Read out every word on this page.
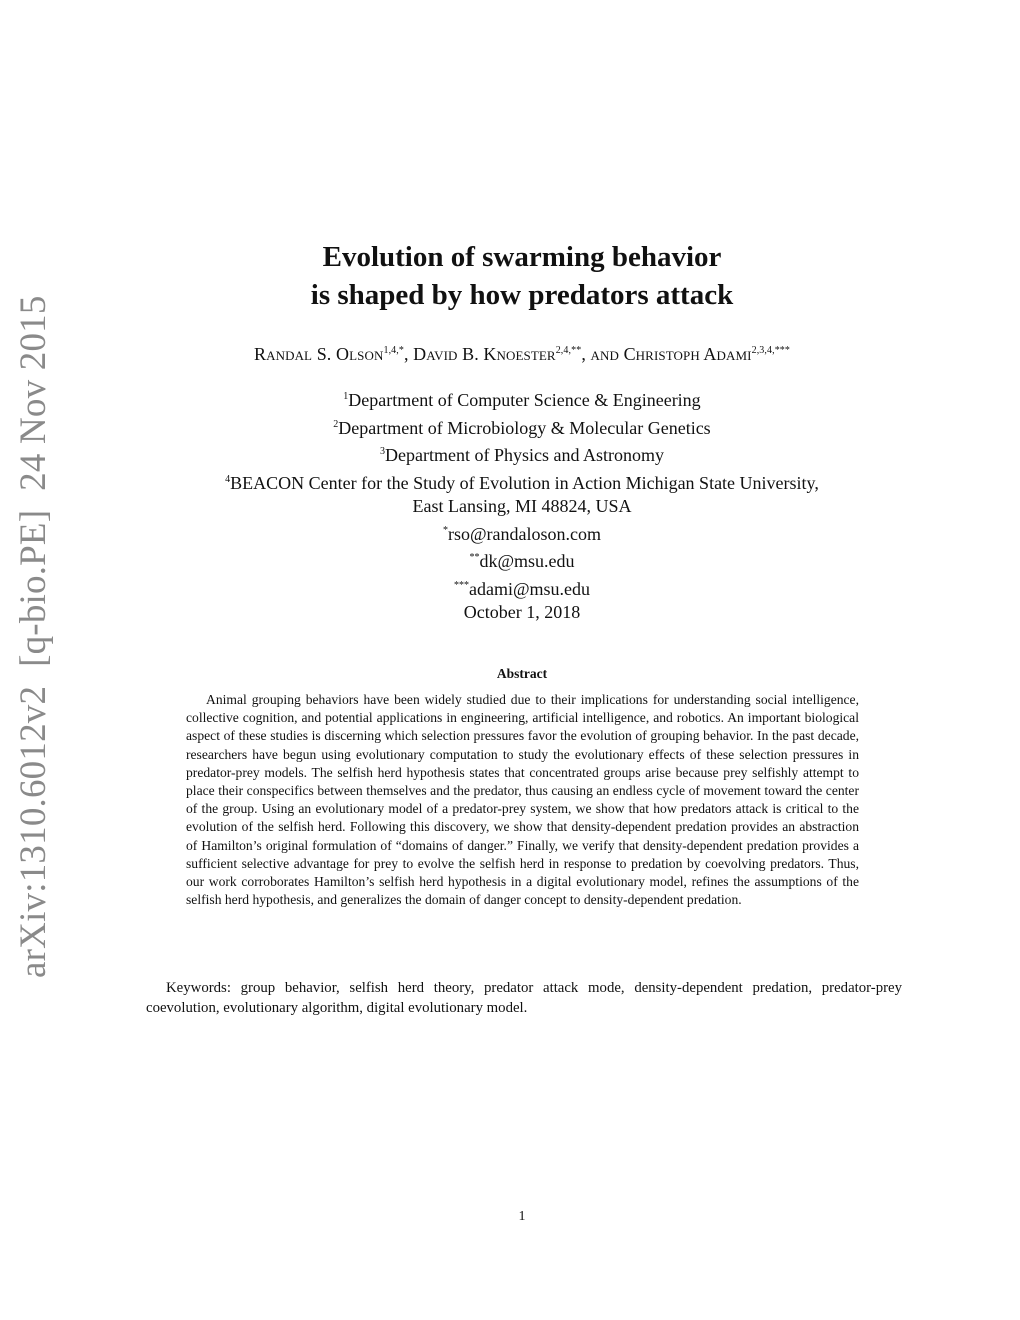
arXiv:1310.6012v2  [q-bio.PE]  24 Nov 2015
Evolution of swarming behavior
is shaped by how predators attack
Randal S. Olson$^{1,4,*}$, David B. Knoester$^{2,4,**}$, and Christoph Adami$^{2,3,4,***}$
$^1$Department of Computer Science & Engineering
$^2$Department of Microbiology & Molecular Genetics
$^3$Department of Physics and Astronomy
$^4$BEACON Center for the Study of Evolution in Action Michigan State University,
East Lansing, MI 48824, USA
*rso@randaloson.com
**dk@msu.edu
***adami@msu.edu
October 1, 2018
Abstract
Animal grouping behaviors have been widely studied due to their implications for understanding social intelligence, collective cognition, and potential applications in engineering, artificial intelligence, and robotics. An important biological aspect of these studies is discerning which selection pressures favor the evolution of grouping behavior. In the past decade, researchers have begun using evolutionary computation to study the evolutionary effects of these selection pressures in predator-prey models. The selfish herd hypothesis states that concentrated groups arise because prey selfishly attempt to place their conspecifics between themselves and the predator, thus causing an endless cycle of movement toward the center of the group. Using an evolutionary model of a predator-prey system, we show that how predators attack is critical to the evolution of the selfish herd. Following this discovery, we show that density-dependent predation provides an abstraction of Hamilton’s original formulation of “domains of danger.” Finally, we verify that density-dependent predation provides a sufficient selective advantage for prey to evolve the selfish herd in response to predation by coevolving predators. Thus, our work corroborates Hamilton’s selfish herd hypothesis in a digital evolutionary model, refines the assumptions of the selfish herd hypothesis, and generalizes the domain of danger concept to density-dependent predation.
Keywords: group behavior, selfish herd theory, predator attack mode, density-dependent predation, predator-prey coevolution, evolutionary algorithm, digital evolutionary model.
1
